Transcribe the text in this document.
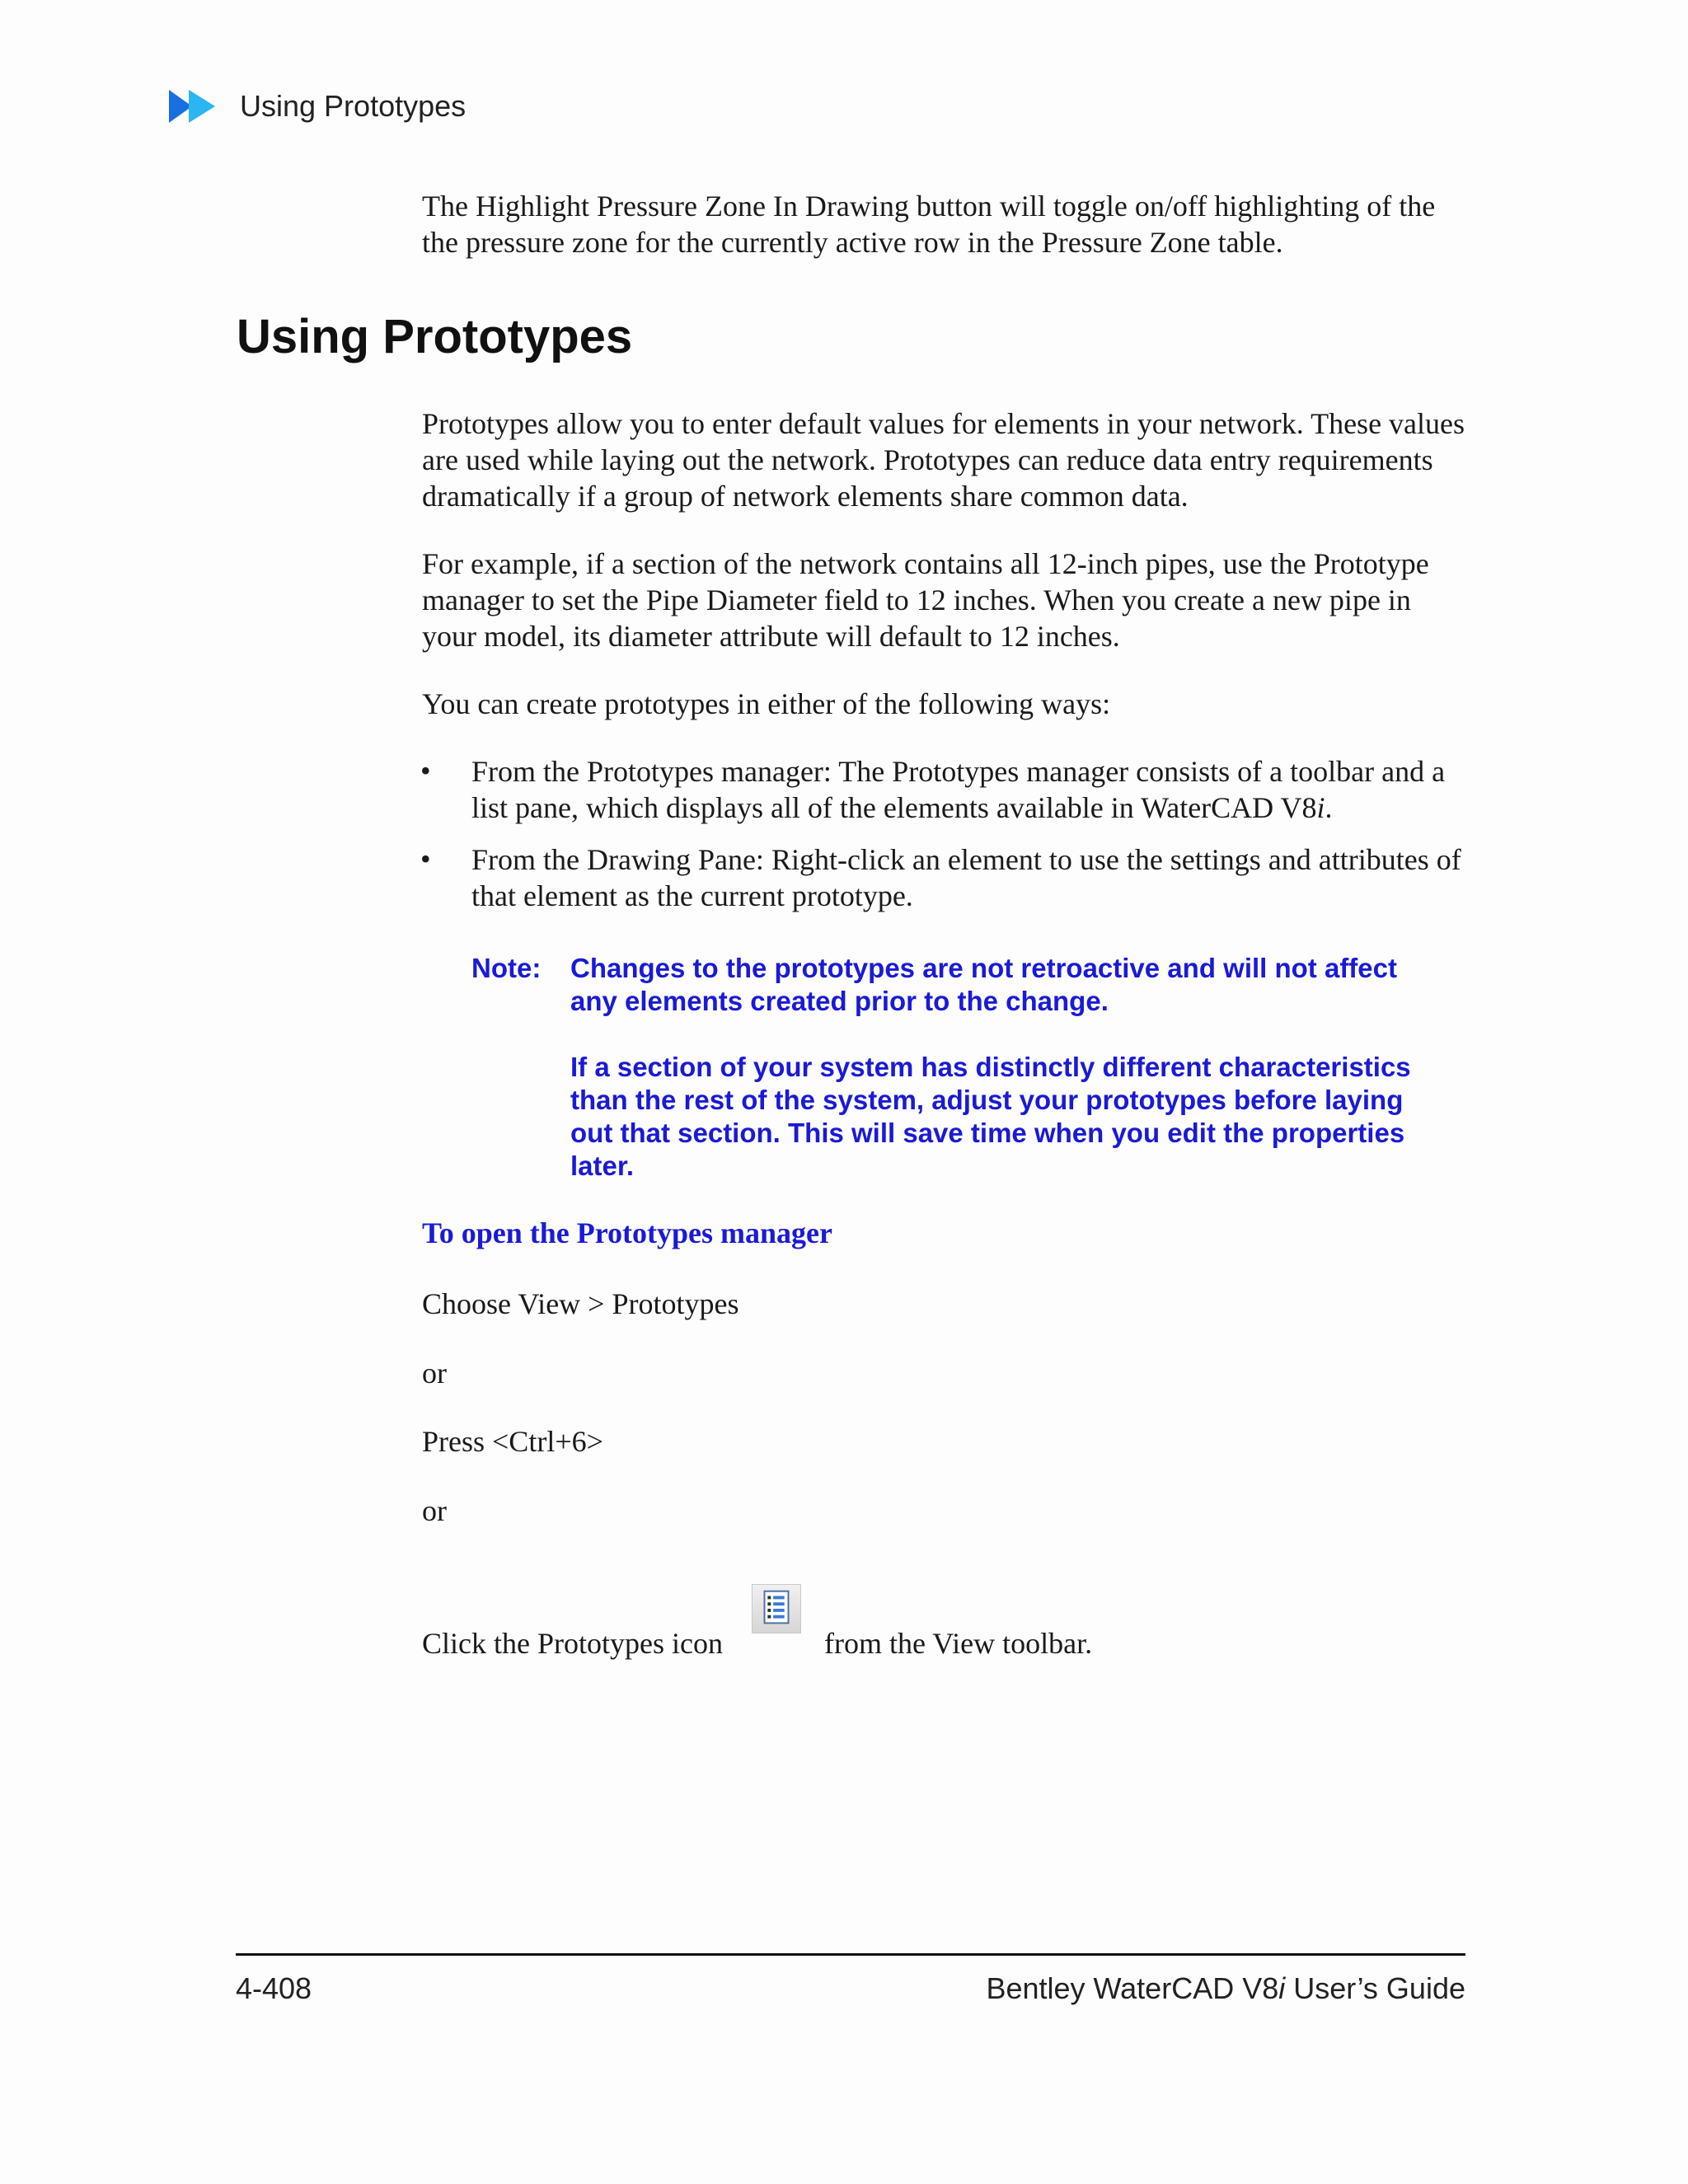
Using Prototypes
The Highlight Pressure Zone In Drawing button will toggle on/off highlighting of the the pressure zone for the currently active row in the Pressure Zone table.
Using Prototypes
Prototypes allow you to enter default values for elements in your network. These values are used while laying out the network. Prototypes can reduce data entry requirements dramatically if a group of network elements share common data.
For example, if a section of the network contains all 12-inch pipes, use the Prototype manager to set the Pipe Diameter field to 12 inches. When you create a new pipe in your model, its diameter attribute will default to 12 inches.
You can create prototypes in either of the following ways:
• From the Prototypes manager: The Prototypes manager consists of a toolbar and a list pane, which displays all of the elements available in WaterCAD V8i.
• From the Drawing Pane: Right-click an element to use the settings and attributes of that element as the current prototype.
Note: Changes to the prototypes are not retroactive and will not affect any elements created prior to the change.
If a section of your system has distinctly different characteristics than the rest of the system, adjust your prototypes before laying out that section. This will save time when you edit the properties later.
To open the Prototypes manager
Choose View > Prototypes
or
Press <Ctrl+6>
or
Click the Prototypes icon	from the View toolbar.
4-408	Bentley WaterCAD V8i User’s Guide
